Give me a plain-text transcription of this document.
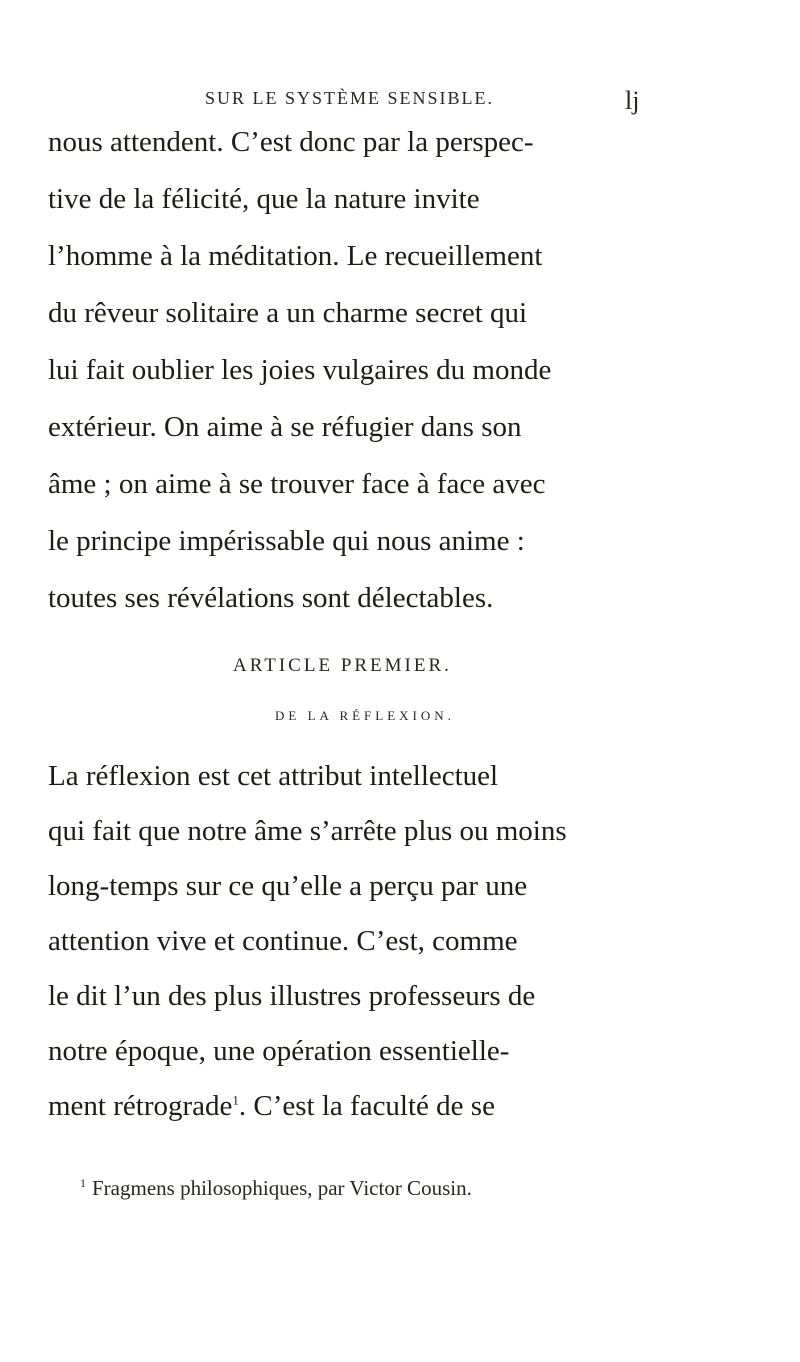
SUR LE SYSTÈME SENSIBLE.	lj
nous attendent. C’est donc par la perspec-
tive de la félicité, que la nature invite
l’homme à la méditation. Le recueillement
du rêveur solitaire a un charme secret qui
lui fait oublier les joies vulgaires du monde
extérieur. On aime à se réfugier dans son
âme ; on aime à se trouver face à face avec
le principe impérissable qui nous anime :
toutes ses révélations sont délectables.
ARTICLE PREMIER.
DE LA RÉFLEXION.
La réflexion est cet attribut intellectuel
qui fait que notre âme s’arrête plus ou moins
long-temps sur ce qu’elle a perçu par une
attention vive et continue. C’est, comme
le dit l’un des plus illustres professeurs de
notre époque, une opération essentielle-
ment rétrograde$^1$. C’est la faculté de se
$^1$ Fragmens philosophiques, par Victor Cousin.
